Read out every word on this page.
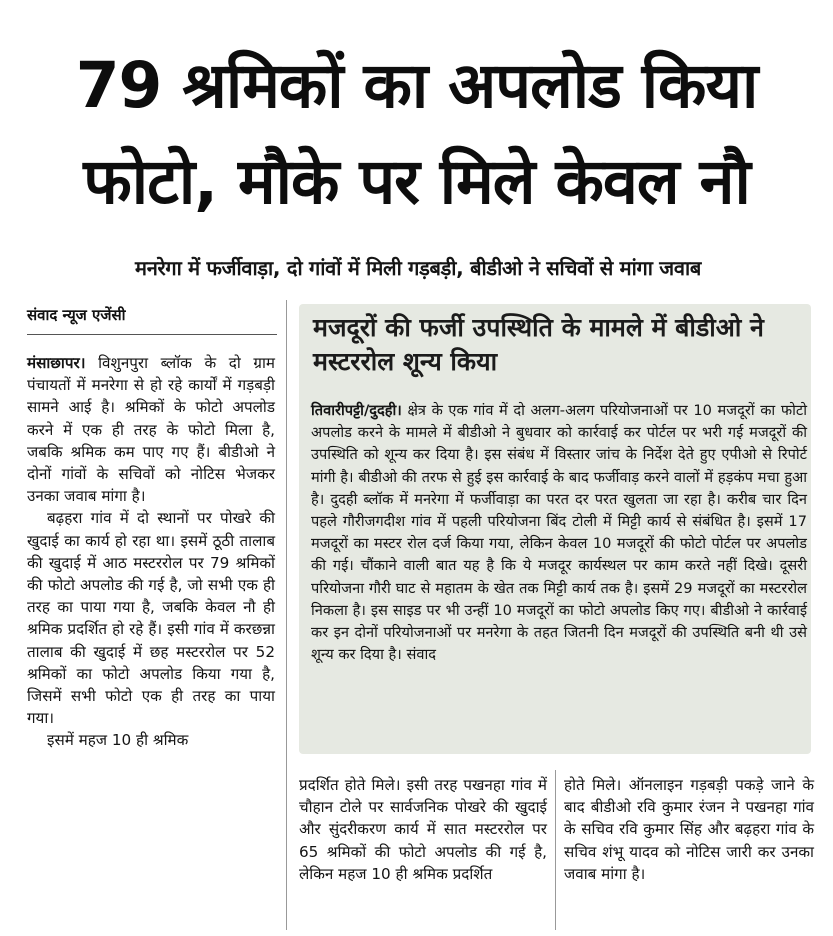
79 श्रमिकों का अपलोड किया
फोटो, मौके पर मिले केवल नौ
मनरेगा में फर्जीवाड़ा, दो गांवों में मिली गड़बड़ी, बीडीओ ने सचिवों से मांगा जवाब
संवाद न्यूज एजेंसी

मंसाछापर। विशुनपुरा ब्लॉक के दो ग्राम पंचायतों में मनरेगा से हो रहे कार्यों में गड़बड़ी सामने आई है। श्रमिकों के फोटो अपलोड करने में एक ही तरह के फोटो मिला है, जबकि श्रमिक कम पाए गए हैं। बीडीओ ने दोनों गांवों के सचिवों को नोटिस भेजकर उनका जवाब मांगा है।

बढ़हरा गांव में दो स्थानों पर पोखरे की खुदाई का कार्य हो रहा था। इसमें ठूठी तालाब की खुदाई में आठ मस्टररोल पर 79 श्रमिकों की फोटो अपलोड की गई है, जो सभी एक ही तरह का पाया गया है, जबकि केवल नौ ही श्रमिक प्रदर्शित हो रहे हैं। इसी गांव में करछन्ना तालाब की खुदाई में छह मस्टररोल पर 52 श्रमिकों का फोटो अपलोड किया गया है, जिसमें सभी फोटो एक ही तरह का पाया गया।

इसमें महज 10 ही श्रमिक

मजदूरों की फर्जी उपस्थिति के मामले में बीडीओ ने मस्टररोल शून्य किया

तिवारीपट्टी/दुदही। क्षेत्र के एक गांव में दो अलग-अलग परियोजनाओं पर 10 मजदूरों का फोटो अपलोड करने के मामले में बीडीओ ने बुधवार को कार्रवाई कर पोर्टल पर भरी गई मजदूरों की उपस्थिति को शून्य कर दिया है। इस संबंध में विस्तार जांच के निर्देश देते हुए एपीओ से रिपोर्ट मांगी है। बीडीओ की तरफ से हुई इस कार्रवाई के बाद फर्जीवाड़ करने वालों में हड़कंप मचा हुआ है। दुदही ब्लॉक में मनरेगा में फर्जीवाड़ा का परत दर परत खुलता जा रहा है। करीब चार दिन पहले गौरीजगदीश गांव में पहली परियोजना बिंद टोली में मिट्टी कार्य से संबंधित है। इसमें 17 मजदूरों का मस्टर रोल दर्ज किया गया, लेकिन केवल 10 मजदूरों की फोटो पोर्टल पर अपलोड की गई। चौंकाने वाली बात यह है कि ये मजदूर कार्यस्थल पर काम करते नहीं दिखे। दूसरी परियोजना गौरी घाट से महातम के खेत तक मिट्टी कार्य तक है। इसमें 29 मजदूरों का मस्टररोल निकला है। इस साइड पर भी उन्हीं 10 मजदूरों का फोटो अपलोड किए गए। बीडीओ ने कार्रवाई कर इन दोनों परियोजनाओं पर मनरेगा के तहत जितनी दिन मजदूरों की उपस्थिति बनी थी उसे शून्य कर दिया है। संवाद

प्रदर्शित होते मिले। इसी तरह पखनहा गांव में चौहान टोले पर सार्वजनिक पोखरे की खुदाई और सुंदरीकरण कार्य में सात मस्टररोल पर 65 श्रमिकों की फोटो अपलोड की गई है, लेकिन महज 10 ही श्रमिक प्रदर्शित

होते मिले। ऑनलाइन गड़बड़ी पकड़े जाने के बाद बीडीओ रवि कुमार रंजन ने पखनहा गांव के सचिव रवि कुमार सिंह और बढ़हरा गांव के सचिव शंभू यादव को नोटिस जारी कर उनका जवाब मांगा है।
